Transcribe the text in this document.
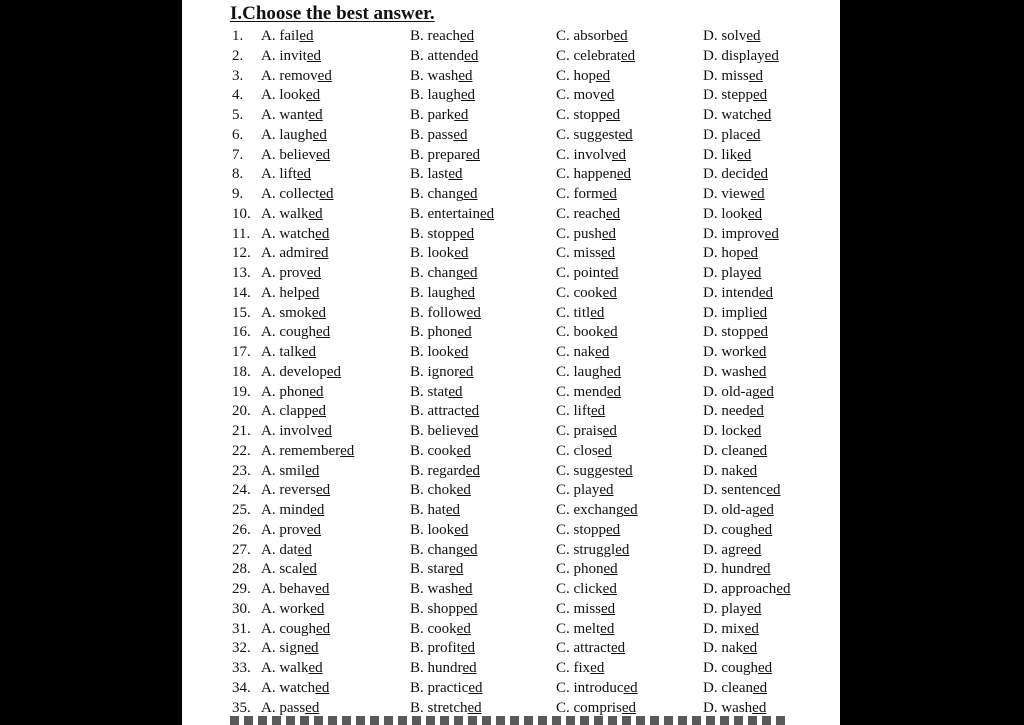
I.Choose the best answer.
1. A. failed	B. reached	C. absorbed	D. solved
2. A. invited	B. attended	C. celebrated	D. displayed
3. A. removed	B. washed	C. hoped	D. missed
4. A. looked	B. laughed	C. moved	D. stepped
5. A. wanted	B. parked	C. stopped	D. watched
6. A. laughed	B. passed	C. suggested	D. placed
7. A. believed	B. prepared	C. involved	D. liked
8. A. lifted	B. lasted	C. happened	D. decided
9. A. collected	B. changed	C. formed	D. viewed
10. A. walked	B. entertained	C. reached	D. looked
11. A. watched	B. stopped	C. pushed	D. improved
12. A. admired	B. looked	C. missed	D. hoped
13. A. proved	B. changed	C. pointed	D. played
14. A. helped	B. laughed	C. cooked	D. intended
15. A. smoked	B. followed	C. titled	D. implied
16. A. coughed	B. phoned	C. booked	D. stopped
17. A. talked	B. looked	C. naked	D. worked
18. A. developed	B. ignored	C. laughed	D. washed
19. A. phoned	B. stated	C. mended	D. old-aged
20. A. clapped	B. attracted	C. lifted	D. needed
21. A. involved	B. believed	C. praised	D. locked
22. A. remembered	B. cooked	C. closed	D. cleaned
23. A. smiled	B. regarded	C. suggested	D. naked
24. A. reversed	B. choked	C. played	D. sentenced
25. A. minded	B. hated	C. exchanged	D. old-aged
26. A. proved	B. looked	C. stopped	D. coughed
27. A. dated	B. changed	C. struggled	D. agreed
28. A. scaled	B. stared	C. phoned	D. hundred
29. A. behaved	B. washed	C. clicked	D. approached
30. A. worked	B. shopped	C. missed	D. played
31. A. coughed	B. cooked	C. melted	D. mixed
32. A. signed	B. profited	C. attracted	D. naked
33. A. walked	B. hundred	C. fixed	D. coughed
34. A. watched	B. practiced	C. introduced	D. cleaned
35. A. passed	B. stretched	C. comprised	D. washed
